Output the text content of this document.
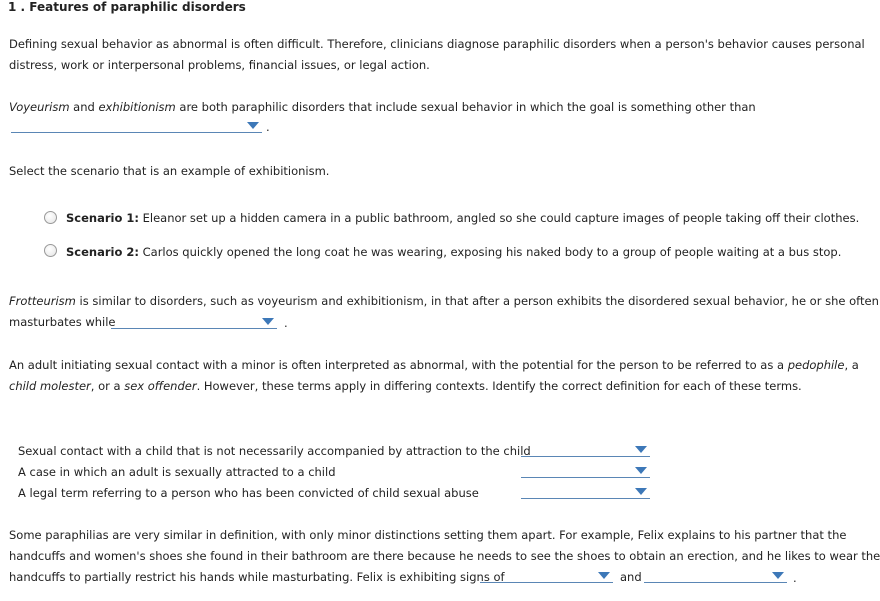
1 . Features of paraphilic disorders
Defining sexual behavior as abnormal is often difficult. Therefore, clinicians diagnose paraphilic disorders when a person's behavior causes personal
distress, work or interpersonal problems, financial issues, or legal action.
Voyeurism and exhibitionism are both paraphilic disorders that include sexual behavior in which the goal is something other than
.
Select the scenario that is an example of exhibitionism.
Scenario 1: Eleanor set up a hidden camera in a public bathroom, angled so she could capture images of people taking off their clothes.
Scenario 2: Carlos quickly opened the long coat he was wearing, exposing his naked body to a group of people waiting at a bus stop.
Frotteurism is similar to disorders, such as voyeurism and exhibitionism, in that after a person exhibits the disordered sexual behavior, he or she often
masturbates while	.
An adult initiating sexual contact with a minor is often interpreted as abnormal, with the potential for the person to be referred to as a pedophile, a
child molester, or a sex offender. However, these terms apply in differing contexts. Identify the correct definition for each of these terms.
Sexual contact with a child that is not necessarily accompanied by attraction to the child
A case in which an adult is sexually attracted to a child
A legal term referring to a person who has been convicted of child sexual abuse
Some paraphilias are very similar in definition, with only minor distinctions setting them apart. For example, Felix explains to his partner that the
handcuffs and women's shoes she found in their bathroom are there because he needs to see the shoes to obtain an erection, and he likes to wear the
handcuffs to partially restrict his hands while masturbating. Felix is exhibiting signs of	and	.
